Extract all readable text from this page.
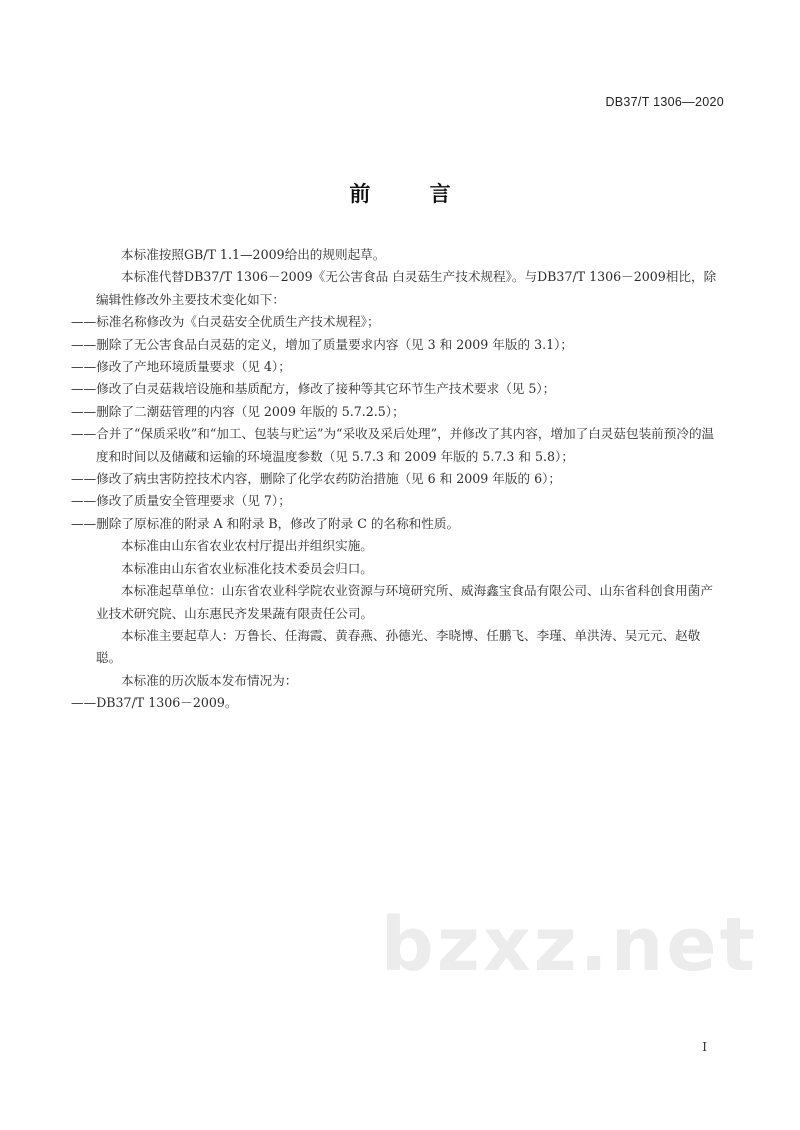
DB37/T 1306—2020
前 言

本标准按照GB/T 1.1—2009给出的规则起草。

本标准代替DB37/T 1306－2009《无公害食品 白灵菇生产技术规程》。与DB37/T 1306－2009相比，除编辑性修改外主要技术变化如下：

——标准名称修改为《白灵菇安全优质生产技术规程》；

——删除了无公害食品白灵菇的定义，增加了质量要求内容（见 3 和 2009 年版的 3.1）；

——修改了产地环境质量要求（见 4）；

——修改了白灵菇栽培设施和基质配方，修改了接种等其它环节生产技术要求（见 5）；

——删除了二潮菇管理的内容（见 2009 年版的 5.7.2.5）；

——合并了“保质采收”和“加工、包装与贮运”为“采收及采后处理”，并修改了其内容，增加了白灵菇包装前预冷的温度和时间以及储藏和运输的环境温度参数（见 5.7.3 和 2009 年版的 5.7.3 和 5.8）；

——修改了病虫害防控技术内容，删除了化学农药防治措施（见 6 和 2009 年版的 6）；

——修改了质量安全管理要求（见 7）；

——删除了原标准的附录 A 和附录 B，修改了附录 C 的名称和性质。

本标准由山东省农业农村厅提出并组织实施。

本标准由山东省农业标准化技术委员会归口。

本标准起草单位：山东省农业科学院农业资源与环境研究所、威海鑫宝食品有限公司、山东省科创食用菌产业技术研究院、山东惠民齐发果蔬有限责任公司。

本标准主要起草人：万鲁长、任海霞、黄春燕、孙德光、李晓博、任鹏飞、李瑾、单洪涛、吴元元、赵敬聪。

本标准的历次版本发布情况为：

——DB37/T 1306－2009。

I
bzxz.net
